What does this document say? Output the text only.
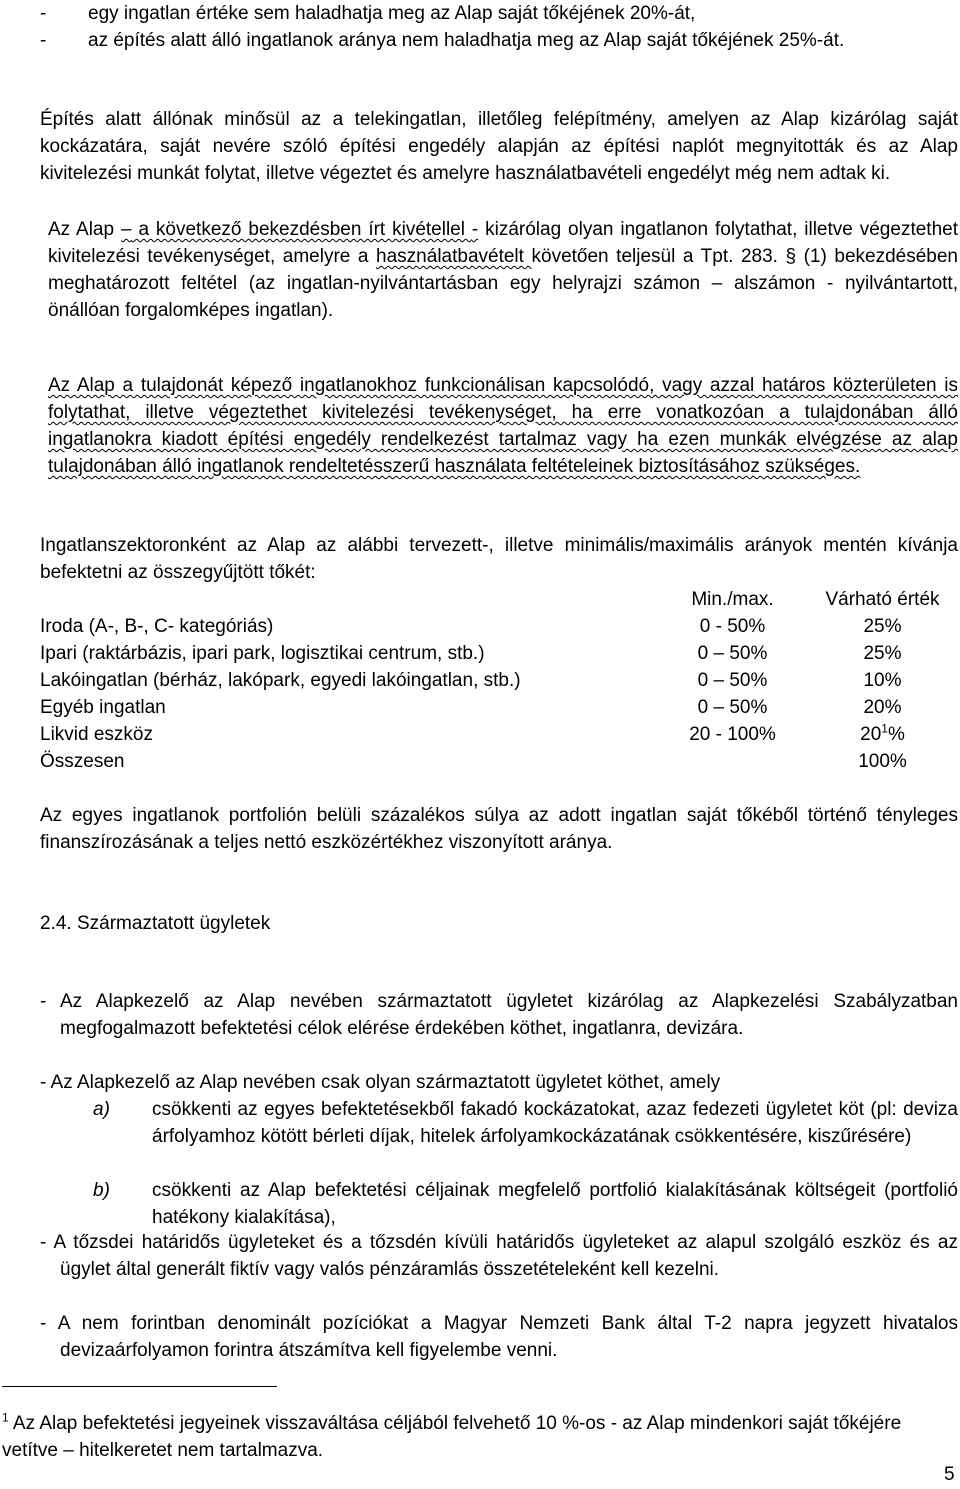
- egy ingatlan értéke sem haladhatja meg az Alap saját tőkéjének 20%-át,
- az építés alatt álló ingatlanok aránya nem haladhatja meg az Alap saját tőkéjének 25%-át.
Építés alatt állónak minősül az a telekingatlan, illetőleg felépítmény, amelyen az Alap kizárólag saját kockázatára, saját nevére szóló építési engedély alapján az építési naplót megnyitották és az Alap kivitelezési munkát folytat, illetve végeztet és amelyre használatbavételi engedélyt még nem adtak ki.
Az Alap – a következő bekezdésben írt kivétellel - kizárólag olyan ingatlanon folytathat, illetve végeztethet kivitelezési tevékenységet, amelyre a használatbavételt követően teljesül a Tpt. 283. § (1) bekezdésében meghatározott feltétel (az ingatlan-nyilvántartásban egy helyrajzi számon – alszámon - nyilvántartott, önállóan forgalomképes ingatlan).
Az Alap a tulajdonát képező ingatlanokhoz funkcionálisan kapcsolódó, vagy azzal határos közterületen is folytathat, illetve végeztethet kivitelezési tevékenységet, ha erre vonatkozóan a tulajdonában álló ingatlanokra kiadott építési engedély rendelkezést tartalmaz vagy ha ezen munkák elvégzése az alap tulajdonában álló ingatlanok rendeltetésszerű használata feltételeinek biztosításához szükséges.
Ingatlanszektoronként az Alap az alábbi tervezett-, illetve minimális/maximális arányok mentén kívánja befektetni az összegyűjtött tőkét:
	Min./max.	Várható érték
Iroda (A-, B-, C- kategóriás)	0 - 50%	25%
Ipari (raktárbázis, ipari park, logisztikai centrum, stb.)	0 – 50%	25%
Lakóingatlan (bérház, lakópark, egyedi lakóingatlan, stb.)	0 – 50%	10%
Egyéb ingatlan	0 – 50%	20%
Likvid eszköz	20 - 100%	$20^1\%$
Összesen		100%
Az egyes ingatlanok portfolión belüli százalékos súlya az adott ingatlan saját tőkéből történő tényleges finanszírozásának a teljes nettó eszközértékhez viszonyított aránya.
2.4. Származtatott ügyletek
- Az Alapkezelő az Alap nevében származtatott ügyletet kizárólag az Alapkezelési Szabályzatban megfogalmazott befektetési célok elérése érdekében köthet, ingatlanra, devizára.
- Az Alapkezelő az Alap nevében csak olyan származtatott ügyletet köthet, amely
a) csökkenti az egyes befektetésekből fakadó kockázatokat, azaz fedezeti ügyletet köt (pl: deviza árfolyamhoz kötött bérleti díjak, hitelek árfolyamkockázatának csökkentésére, kiszűrésére)
b) csökkenti az Alap befektetési céljainak megfelelő portfolió kialakításának költségeit (portfolió hatékony kialakítása),
- A tőzsdei határidős ügyleteket és a tőzsdén kívüli határidős ügyleteket az alapul szolgáló eszköz és az ügylet által generált fiktív vagy valós pénzáramlás összetételeként kell kezelni.
- A nem forintban denominált pozíciókat a Magyar Nemzeti Bank által T-2 napra jegyzett hivatalos devizaárfolyamon forintra átszámítva kell figyelembe venni.
$^1$ Az Alap befektetési jegyeinek visszaváltása céljából felvehető 10 %-os - az Alap mindenkori saját tőkéjére vetítve – hitelkeretet nem tartalmazva.
5
